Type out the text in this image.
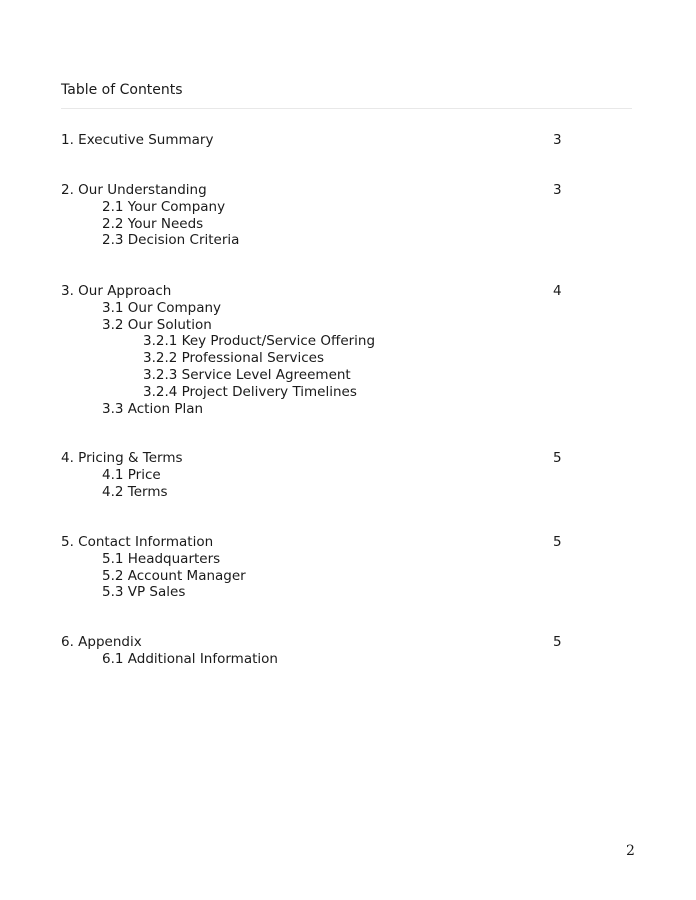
Table of Contents
1. Executive Summary	3
2. Our Understanding	3
2.1 Your Company
2.2 Your Needs
2.3 Decision Criteria
3. Our Approach	4
3.1 Our Company
3.2 Our Solution
3.2.1 Key Product/Service Offering
3.2.2 Professional Services
3.2.3 Service Level Agreement
3.2.4 Project Delivery Timelines
3.3 Action Plan
4. Pricing & Terms	5
4.1 Price
4.2 Terms
5. Contact Information	5
5.1 Headquarters
5.2 Account Manager
5.3 VP Sales
6. Appendix	5
6.1 Additional Information
2
